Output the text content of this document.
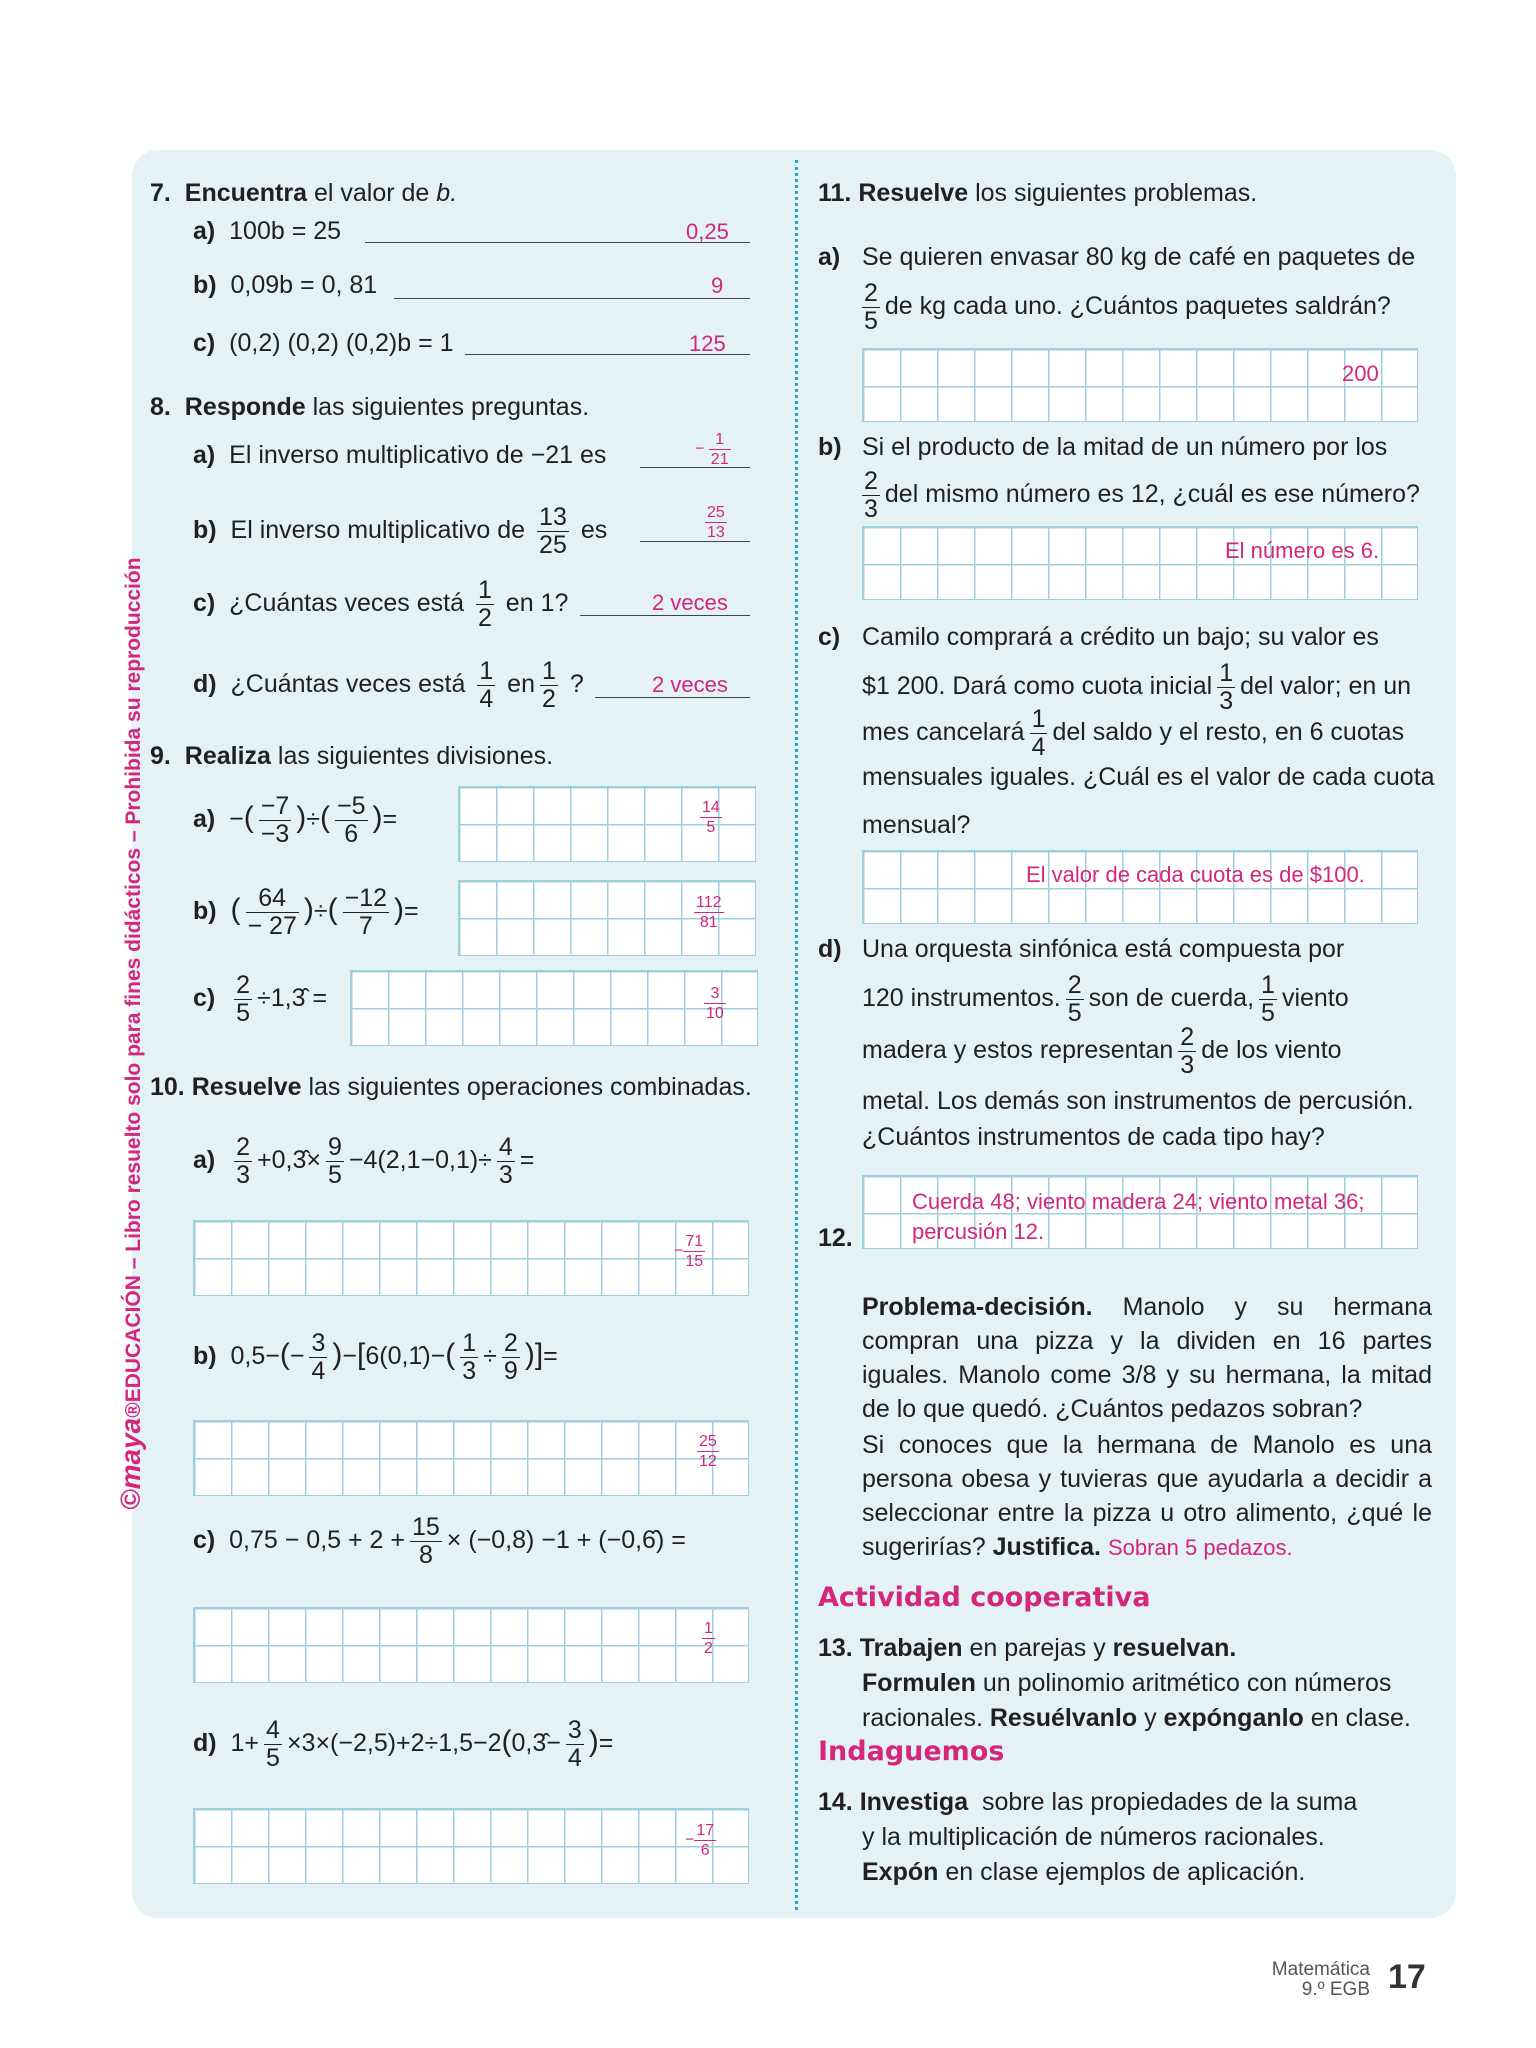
©maya®EDUCACIÓN – Libro resuelto solo para fines didácticos – Prohibida su reproducción
7. Encuentra el valor de b.
a) 100b = 25	0,25
b) 0,09b = 0, 81	9
c) (0,2) (0,2) (0,2)b = 1	125
8. Responde las siguientes preguntas.
a) El inverso multiplicativo de −21 es	− $\frac{1}{21}$
b) El inverso multiplicativo de $\frac{13}{25}$ es	$\frac{25}{13}$
c) ¿Cuántas veces está $\frac{1}{2}$ en 1?	2 veces
d) ¿Cuántas veces está $\frac{1}{4}$ en $\frac{1}{2}$ ?	2 veces
9. Realiza las siguientes divisiones.
a) −( $\frac{-7}{-3}$ )÷( $\frac{-5}{6}$ )=	$\frac{14}{5}$
b) ( $\frac{64}{- 27}$ )÷( $\frac{-12}{7}$ )=	$\frac{112}{81}$
$c) \frac{2}{5}$ ÷1,3̂ =	$\frac{3}{10}$
10. Resuelve las siguientes operaciones combinadas.
$a) \frac{2}{3}$ +0,3̂× $\frac{9}{5} -4(2,1-0,1)\div \frac{4}{3}$ =
− $\frac{71}{15}$
b) $0,5-(- \frac{3}{4}$ )−[6(0,1̂)−( $\frac{1}{3} \div \frac{2}{9}$ )]=
$\frac{25}{12}$
c) $0,75 - 0,5 + 2 + \frac{15}{8} \times (-0,8) -1$ + (−0,6̂) =
$\frac{1}{2}$
d) $1+ \frac{4}{5}$ ×3×(−2,5)+2÷1,5−2(0,3̂− $\frac{3}{4}$ )=
− $\frac{17}{6}$
11. Resuelve los siguientes problemas.
a) Se quieren envasar 80 kg de café en paquetes de
$\frac{2}{5}$ de kg cada uno. ¿Cuántos paquetes saldrán?
200
b) Si el producto de la mitad de un número por los
$\frac{2}{3}$ del mismo número es 12, ¿cuál es ese número?
El número es 6.
c) Camilo comprará a crédito un bajo; su valor es
$1 200. Dará como cuota inicial $\frac{1}{3}$ del valor; en un
mes cancelará $\frac{1}{4}$ del saldo y el resto, en 6 cuotas
mensuales iguales. ¿Cuál es el valor de cada cuota
mensual?
El valor de cada cuota es de $100.
d) Una orquesta sinfónica está compuesta por
120 instrumentos. $\frac{2}{5}$ son de cuerda, $\frac{1}{5}$ viento
madera y estos representan $\frac{2}{3}$ de los viento
metal. Los demás son instrumentos de percusión.
¿Cuántos instrumentos de cada tipo hay?
Cuerda 48; viento madera 24; viento metal 36;
percusión 12.
12.
Problema-decisión. Manolo y su hermana compran una pizza y la dividen en 16 partes iguales. Manolo come 3/8 y su hermana, la mitad de lo que quedó. ¿Cuántos pedazos sobran?
Si conoces que la hermana de Manolo es una persona obesa y tuvieras que ayudarla a decidir a seleccionar entre la pizza u otro alimento, ¿qué le sugerirías? Justifica. Sobran 5 pedazos.
Actividad cooperativa
13. Trabajen en parejas y resuelvan.
Formulen un polinomio aritmético con números
racionales. Resuélvanlo y expónganlo en clase.
Indaguemos
14. Investiga sobre las propiedades de la suma
y la multiplicación de números racionales.
Expón en clase ejemplos de aplicación.
Matemática
9.º EGB 17
